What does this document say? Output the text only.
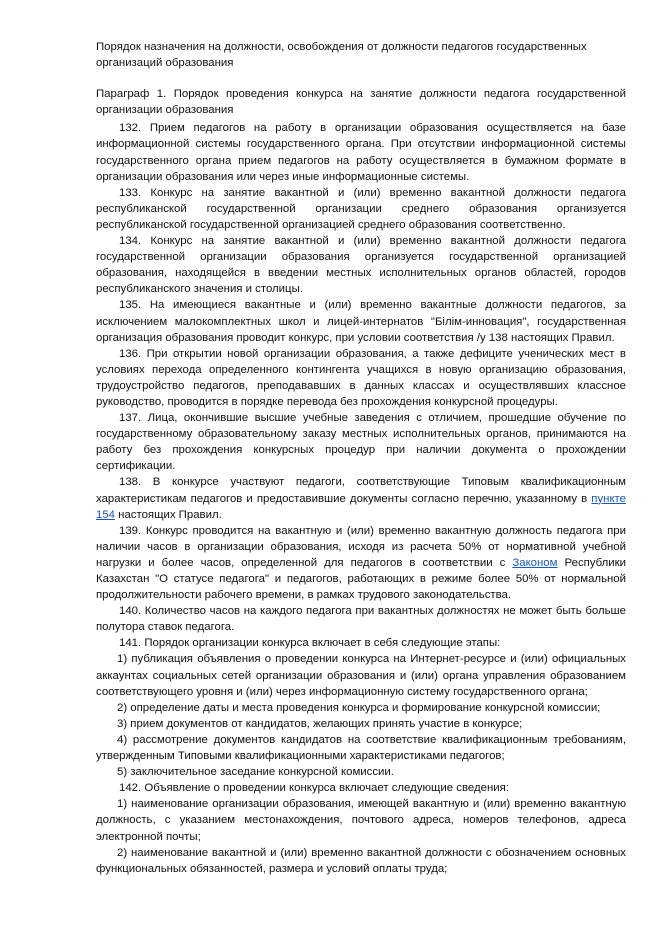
Порядок назначения на должности, освобождения от должности педагогов государственных организаций образования

Параграф 1. Порядок проведения конкурса на занятие должности педагога государственной организации образования

132. Прием педагогов на работу в организации образования осуществляется на базе информационной системы государственного органа. При отсутствии информационной системы государственного органа прием педагогов на работу осуществляется в бумажном формате в организации образования или через иные информационные системы.

133. Конкурс на занятие вакантной и (или) временно вакантной должности педагога республиканской государственной организации среднего образования организуется республиканской государственной организацией среднего образования соответственно.

134. Конкурс на занятие вакантной и (или) временно вакантной должности педагога государственной организации образования организуется государственной организацией образования, находящейся в введении местных исполнительных органов областей, городов республиканского значения и столицы.

135. На имеющиеся вакантные и (или) временно вакантные должности педагогов, за исключением малокомплектных школ и лицей-интернатов "Білім-инновация", государственная организация образования проводит конкурс, при условии соответствия /у 138 настоящих Правил.

136. При открытии новой организации образования, а также дефиците ученических мест в условиях перехода определенного контингента учащихся в новую организацию образования, трудоустройство педагогов, преподававших в данных классах и осуществлявших классное руководство, проводится в порядке перевода без прохождения конкурсной процедуры.

137. Лица, окончившие высшие учебные заведения с отличием, прошедшие обучение по государственному образовательному заказу местных исполнительных органов, принимаются на работу без прохождения конкурсных процедур при наличии документа о прохождении сертификации.

138. В конкурсе участвуют педагоги, соответствующие Типовым квалификационным характеристикам педагогов и предоставившие документы согласно перечню, указанному в пункте 154 настоящих Правил.

139. Конкурс проводится на вакантную и (или) временно вакантную должность педагога при наличии часов в организации образования, исходя из расчета 50% от нормативной учебной нагрузки и более часов, определенной для педагогов в соответствии с Законом Республики Казахстан "О статусе педагога" и педагогов, работающих в режиме более 50% от нормальной продолжительности рабочего времени, в рамках трудового законодательства.

140. Количество часов на каждого педагога при вакантных должностях не может быть больше полутора ставок педагога.

141. Порядок организации конкурса включает в себя следующие этапы:

1) публикация объявления о проведении конкурса на Интернет-ресурсе и (или) официальных аккаунтах социальных сетей организации образования и (или) органа управления образованием соответствующего уровня и (или) через информационную систему государственного органа;

2) определение даты и места проведения конкурса и формирование конкурсной комиссии;

3) прием документов от кандидатов, желающих принять участие в конкурсе;

4) рассмотрение документов кандидатов на соответствие квалификационным требованиям, утвержденным Типовыми квалификационными характеристиками педагогов;

5) заключительное заседание конкурсной комиссии.

142. Объявление о проведении конкурса включает следующие сведения:

1) наименование организации образования, имеющей вакантную и (или) временно вакантную должность, с указанием местонахождения, почтового адреса, номеров телефонов, адреса электронной почты;

2) наименование вакантной и (или) временно вакантной должности с обозначением основных функциональных обязанностей, размера и условий оплаты труда;
